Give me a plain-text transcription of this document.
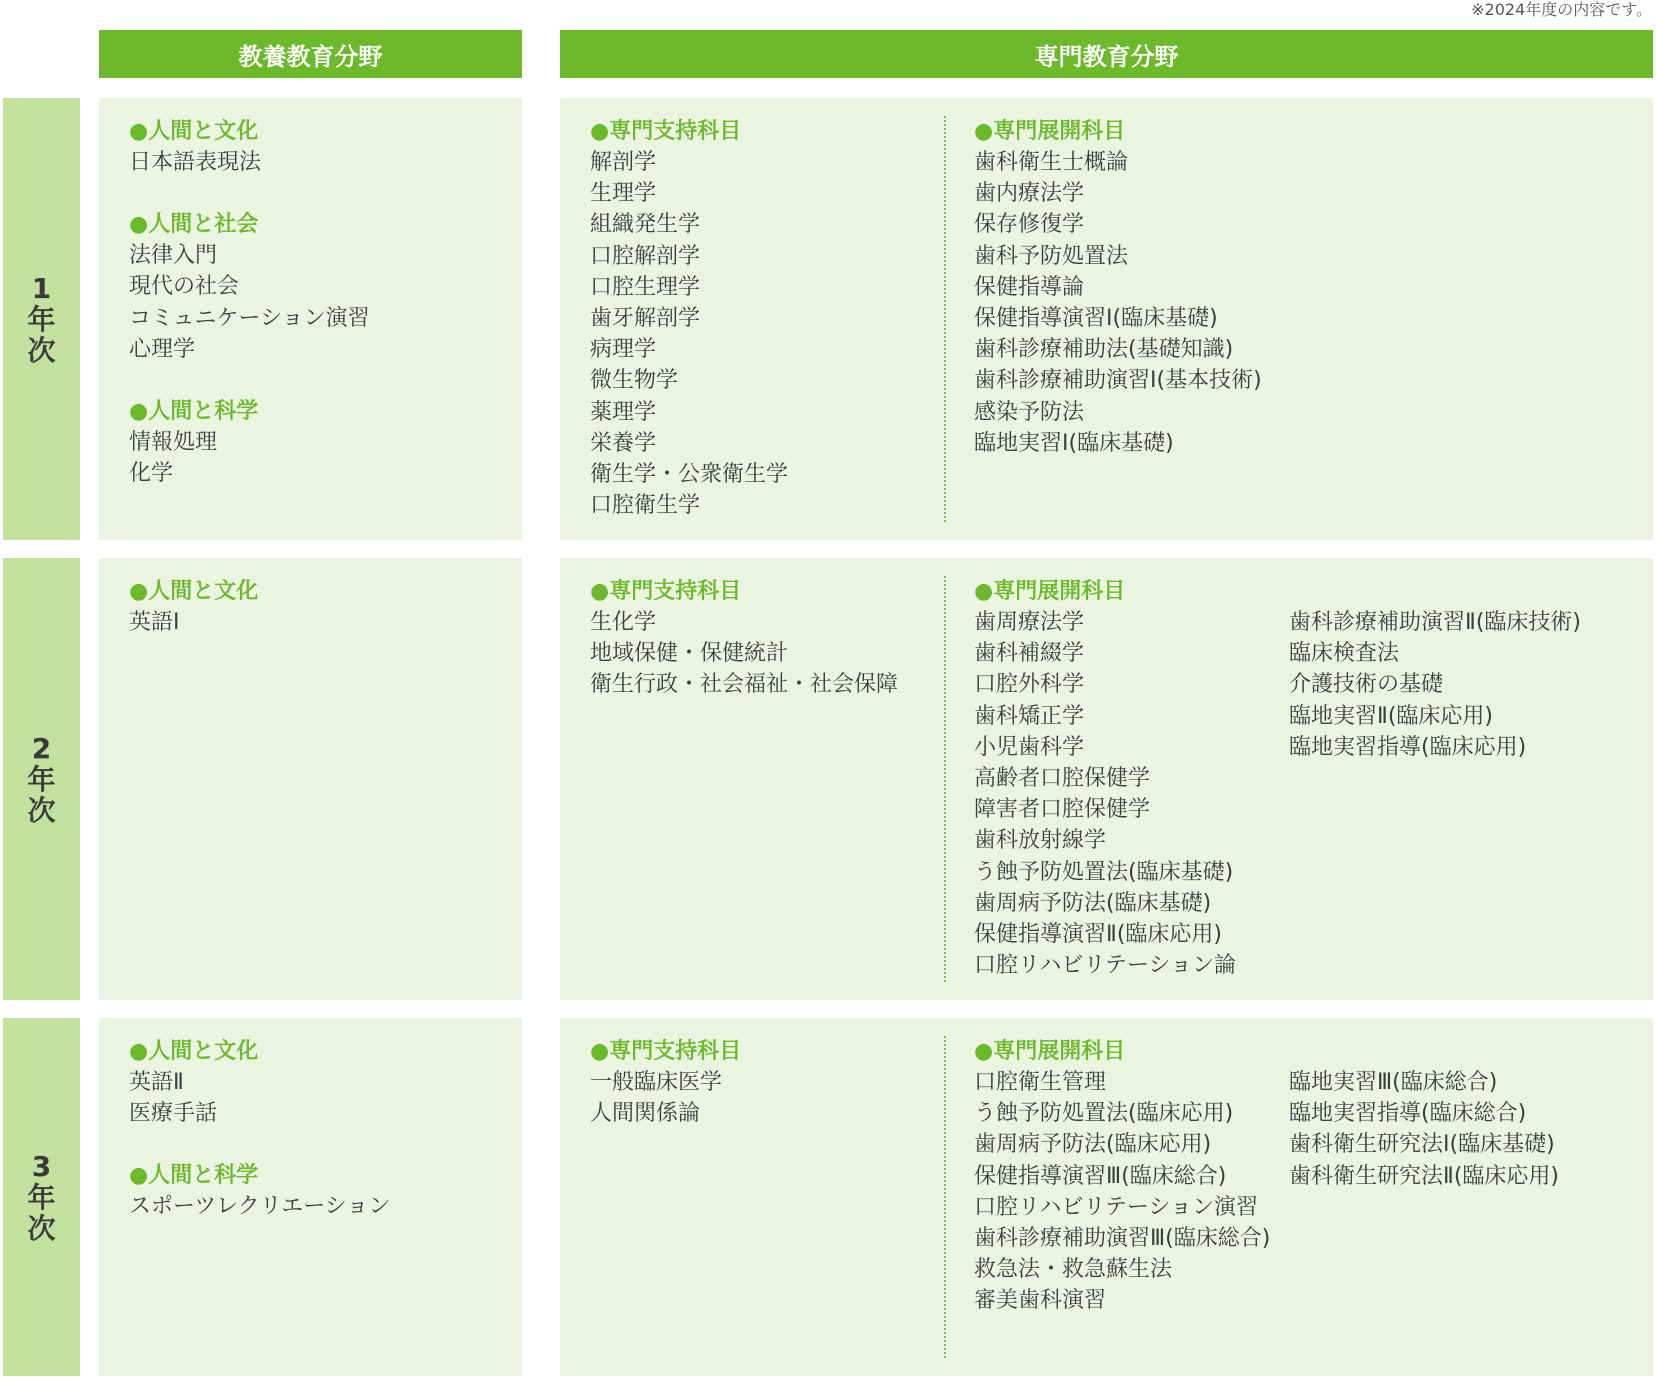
※2024年度の内容です。
教養教育分野	専門教育分野
1年次
●人間と文化
日本語表現法
●人間と社会
法律入門
現代の社会
コミュニケーション演習
心理学
●人間と科学
情報処理
化学
●専門支持科目
解剖学
生理学
組織発生学
口腔解剖学
口腔生理学
歯牙解剖学
病理学
微生物学
薬理学
栄養学
衛生学・公衆衛生学
口腔衛生学
●専門展開科目
歯科衛生士概論
歯内療法学
保存修復学
歯科予防処置法
保健指導論
保健指導演習Ⅰ(臨床基礎)
歯科診療補助法(基礎知識)
歯科診療補助演習Ⅰ(基本技術)
感染予防法
臨地実習Ⅰ(臨床基礎)
2年次
●人間と文化
英語Ⅰ
●専門支持科目
生化学
地域保健・保健統計
衛生行政・社会福祉・社会保障
●専門展開科目
歯周療法学
歯科補綴学
口腔外科学
歯科矯正学
小児歯科学
高齢者口腔保健学
障害者口腔保健学
歯科放射線学
う蝕予防処置法(臨床基礎)
歯周病予防法(臨床基礎)
保健指導演習Ⅱ(臨床応用)
口腔リハビリテーション論
歯科診療補助演習Ⅱ(臨床技術)
臨床検査法
介護技術の基礎
臨地実習Ⅱ(臨床応用)
臨地実習指導(臨床応用)
3年次
●人間と文化
英語Ⅱ
医療手話
●人間と科学
スポーツレクリエーション
●専門支持科目
一般臨床医学
人間関係論
●専門展開科目
口腔衛生管理
う蝕予防処置法(臨床応用)
歯周病予防法(臨床応用)
保健指導演習Ⅲ(臨床総合)
口腔リハビリテーション演習
歯科診療補助演習Ⅲ(臨床総合)
救急法・救急蘇生法
審美歯科演習
臨地実習Ⅲ(臨床総合)
臨地実習指導(臨床総合)
歯科衛生研究法Ⅰ(臨床基礎)
歯科衛生研究法Ⅱ(臨床応用)
